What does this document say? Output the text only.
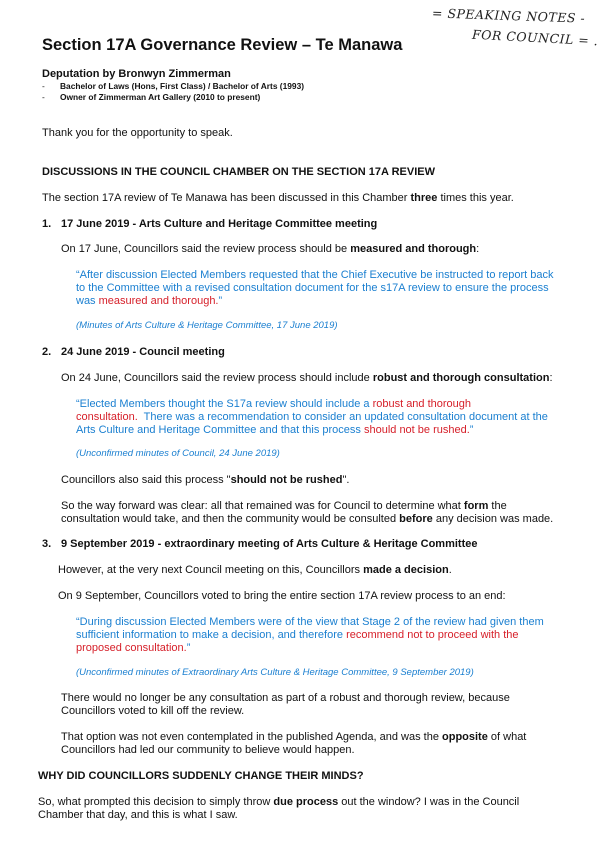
= SPEAKING NOTES -
FOR COUNCIL = .
Section 17A Governance Review – Te Manawa
Deputation by Bronwyn Zimmerman
- Bachelor of Laws (Hons, First Class) / Bachelor of Arts (1993)
- Owner of Zimmerman Art Gallery (2010 to present)
Thank you for the opportunity to speak.
DISCUSSIONS IN THE COUNCIL CHAMBER ON THE SECTION 17A REVIEW
The section 17A review of Te Manawa has been discussed in this Chamber three times this year.
1. 17 June 2019 - Arts Culture and Heritage Committee meeting
On 17 June, Councillors said the review process should be measured and thorough:
“After discussion Elected Members requested that the Chief Executive be instructed to report back
to the Committee with a revised consultation document for the s17A review to ensure the process
was measured and thorough.”
(Minutes of Arts Culture & Heritage Committee, 17 June 2019)
2. 24 June 2019 - Council meeting
On 24 June, Councillors said the review process should include robust and thorough consultation:
“Elected Members thought the S17a review should include a robust and thorough
consultation.  There was a recommendation to consider an updated consultation document at the
Arts Culture and Heritage Committee and that this process should not be rushed.”
(Unconfirmed minutes of Council, 24 June 2019)
Councillors also said this process "should not be rushed".
So the way forward was clear: all that remained was for Council to determine what form the
consultation would take, and then the community would be consulted before any decision was made.
3. 9 September 2019 - extraordinary meeting of Arts Culture & Heritage Committee
However, at the very next Council meeting on this, Councillors made a decision.
On 9 September, Councillors voted to bring the entire section 17A review process to an end:
“During discussion Elected Members were of the view that Stage 2 of the review had given them
sufficient information to make a decision, and therefore recommend not to proceed with the
proposed consultation.”
(Unconfirmed minutes of Extraordinary Arts Culture & Heritage Committee, 9 September 2019)
There would no longer be any consultation as part of a robust and thorough review, because
Councillors voted to kill off the review.
That option was not even contemplated in the published Agenda, and was the opposite of what
Councillors had led our community to believe would happen.
WHY DID COUNCILLORS SUDDENLY CHANGE THEIR MINDS?
So, what prompted this decision to simply throw due process out the window? I was in the Council
Chamber that day, and this is what I saw.
